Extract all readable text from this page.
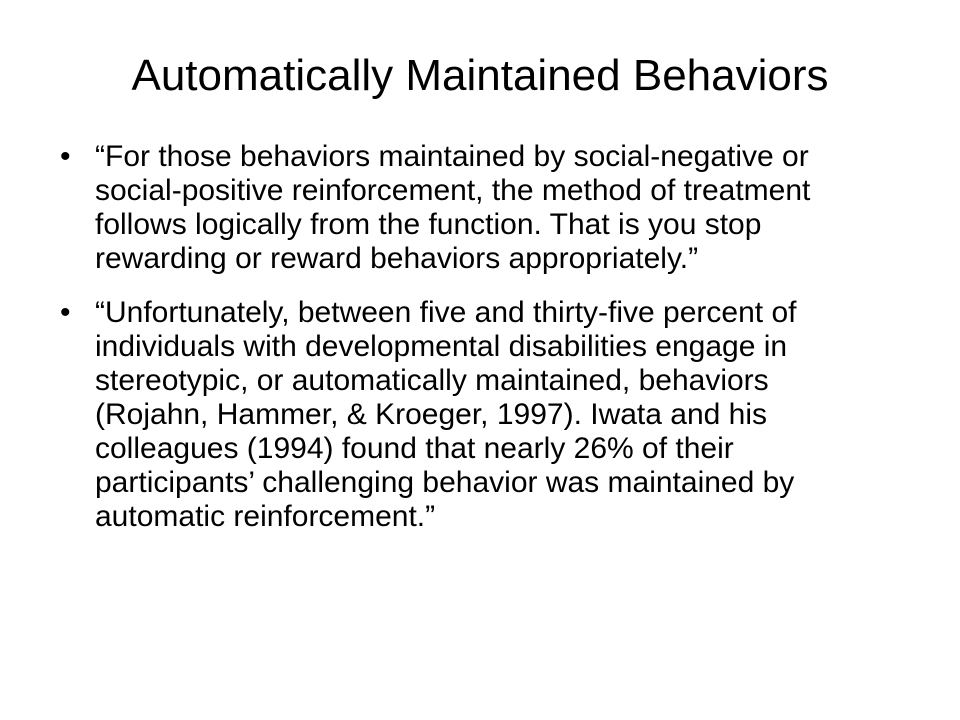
Automatically Maintained Behaviors
• “For those behaviors maintained by social-negative or social-positive reinforcement, the method of treatment follows logically from the function. That is you stop rewarding or reward behaviors appropriately.”
• “Unfortunately, between five and thirty-five percent of individuals with developmental disabilities engage in stereotypic, or automatically maintained, behaviors (Rojahn, Hammer, & Kroeger, 1997). Iwata and his colleagues (1994) found that nearly 26% of their participants’ challenging behavior was maintained by automatic reinforcement.”
